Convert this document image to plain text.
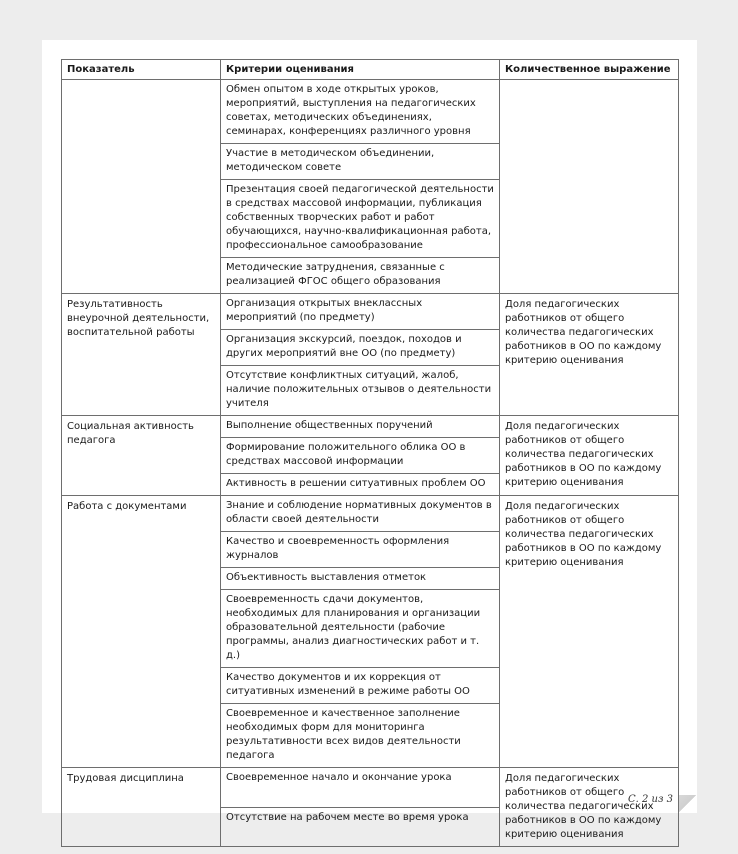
Показатель	Критерии оценивания	Количественное выражение
	Обмен опытом в ходе открытых уроков, мероприятий, выступления на педагогических советах, методических объединениях, семинарах, конференциях различного уровня	
	Участие в методическом объединении, методическом совете	
	Презентация своей педагогической деятельности в средствах массовой информации, публикация собственных творческих работ и работ обучающихся, научно-квалификационная работа, профессиональное самообразование	
	Методические затруднения, связанные с реализацией ФГОС общего образования	
Результативность внеурочной деятельности, воспитательной работы	Организация открытых внеклассных мероприятий (по предмету)	Доля педагогических работников от общего количества педагогических работников в ОО по каждому критерию оценивания
	Организация экскурсий, поездок, походов и других мероприятий вне ОО (по предмету)	
	Отсутствие конфликтных ситуаций, жалоб, наличие положительных отзывов о деятельности учителя	
Социальная активность педагога	Выполнение общественных поручений	Доля педагогических работников от общего количества педагогических работников в ОО по каждому критерию оценивания
	Формирование положительного облика ОО в средствах массовой информации	
	Активность в решении ситуативных проблем ОО	
Работа с документами	Знание и соблюдение нормативных документов в области своей деятельности	Доля педагогических работников от общего количества педагогических работников в ОО по каждому критерию оценивания
	Качество и своевременность оформления журналов	
	Объективность выставления отметок	
	Своевременность сдачи документов, необходимых для планирования и организации образовательной деятельности (рабочие программы, анализ диагностических работ и т. д.)	
	Качество документов и их коррекция от ситуативных изменений в режиме работы ОО	
	Своевременное и качественное заполнение необходимых форм для мониторинга результативности всех видов деятельности педагога	
Трудовая дисциплина	Своевременное начало и окончание урока	Доля педагогических работников от общего количества педагогических работников в ОО по каждому критерию оценивания
	Отсутствие на рабочем месте во время урока	
С. 2 из 3
